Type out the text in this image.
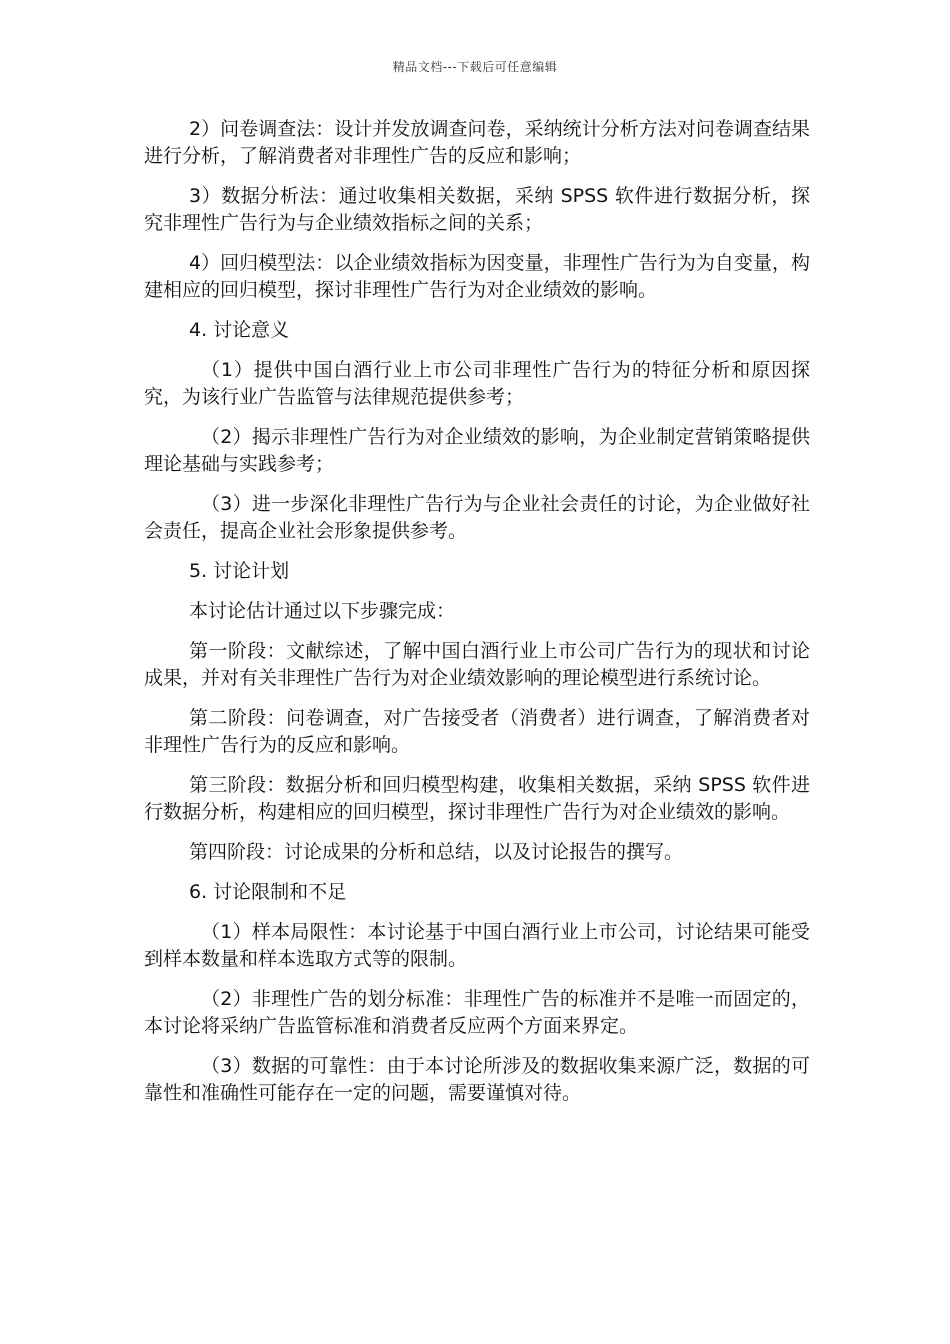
精品文档---下载后可任意编辑

2）问卷调查法：设计并发放调查问卷，采纳统计分析方法对问卷调查结果进行分析，了解消费者对非理性广告的反应和影响；

3）数据分析法：通过收集相关数据，采纳 SPSS 软件进行数据分析，探究非理性广告行为与企业绩效指标之间的关系；

4）回归模型法：以企业绩效指标为因变量，非理性广告行为为自变量，构建相应的回归模型，探讨非理性广告行为对企业绩效的影响。

4. 讨论意义

（1）提供中国白酒行业上市公司非理性广告行为的特征分析和原因探究，为该行业广告监管与法律规范提供参考；

（2）揭示非理性广告行为对企业绩效的影响，为企业制定营销策略提供理论基础与实践参考；

（3）进一步深化非理性广告行为与企业社会责任的讨论，为企业做好社会责任，提高企业社会形象提供参考。

5. 讨论计划

本讨论估计通过以下步骤完成：

第一阶段：文献综述，了解中国白酒行业上市公司广告行为的现状和讨论成果，并对有关非理性广告行为对企业绩效影响的理论模型进行系统讨论。

第二阶段：问卷调查，对广告接受者（消费者）进行调查，了解消费者对非理性广告行为的反应和影响。

第三阶段：数据分析和回归模型构建，收集相关数据，采纳 SPSS 软件进行数据分析，构建相应的回归模型，探讨非理性广告行为对企业绩效的影响。

第四阶段：讨论成果的分析和总结，以及讨论报告的撰写。

6. 讨论限制和不足

（1）样本局限性：本讨论基于中国白酒行业上市公司，讨论结果可能受到样本数量和样本选取方式等的限制。

（2）非理性广告的划分标准：非理性广告的标准并不是唯一而固定的，本讨论将采纳广告监管标准和消费者反应两个方面来界定。

（3）数据的可靠性：由于本讨论所涉及的数据收集来源广泛，数据的可靠性和准确性可能存在一定的问题，需要谨慎对待。
